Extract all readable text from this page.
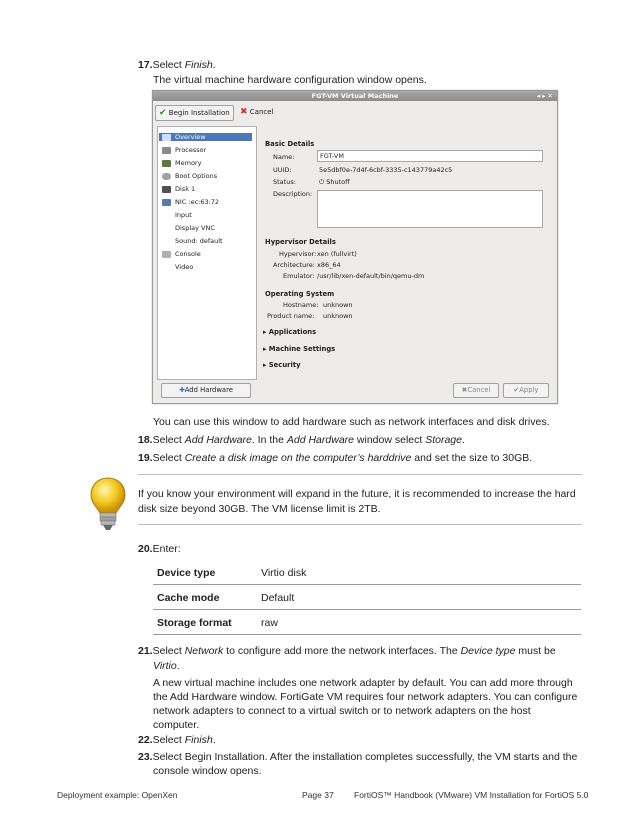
17.Select Finish.
The virtual machine hardware configuration window opens.
FGT-VM Virtual Machine	◂ ▸ ✕
✔ Begin Installation	✖ Cancel
Overview
Processor
Memory
Boot Options
Disk 1
NIC :ec:63:72
Input
Display VNC
Sound: default
Console
Video
Basic Details
Name:	FGT-VM
UUID:	5e5dbf0e-7d4f-6cbf-3335-c143779a42c5
Status:	⏻ Shutoff
Description:
Hypervisor Details
Hypervisor: xen (fullvirt)
Architecture: x86_64
Emulator: /usr/lib/xen-default/bin/qemu-dm
Operating System
Hostname: unknown
Product name: unknown
▸ Applications
▸ Machine Settings
▸ Security
✚Add Hardware	✖Cancel	✔Apply
You can use this window to add hardware such as network interfaces and disk drives.
18.Select Add Hardware. In the Add Hardware window select Storage.
19.Select Create a disk image on the computer’s harddrive and set the size to 30GB.
If you know your environment will expand in the future, it is recommended to increase the hard
disk size beyond 30GB. The VM license limit is 2TB.
20.Enter:
Device type	Virtio disk
Cache mode	Default
Storage format	raw
21.Select Network to configure add more the network interfaces. The Device type must be
Virtio.
A new virtual machine includes one network adapter by default. You can add more through
the Add Hardware window. FortiGate VM requires four network adapters. You can configure
network adapters to connect to a virtual switch or to network adapters on the host
computer.
22.Select Finish.
23.Select Begin Installation. After the installation completes successfully, the VM starts and the
console window opens.
Deployment example: OpenXen	Page 37 FortiOS™ Handbook (VMware) VM Installation for FortiOS 5.0
